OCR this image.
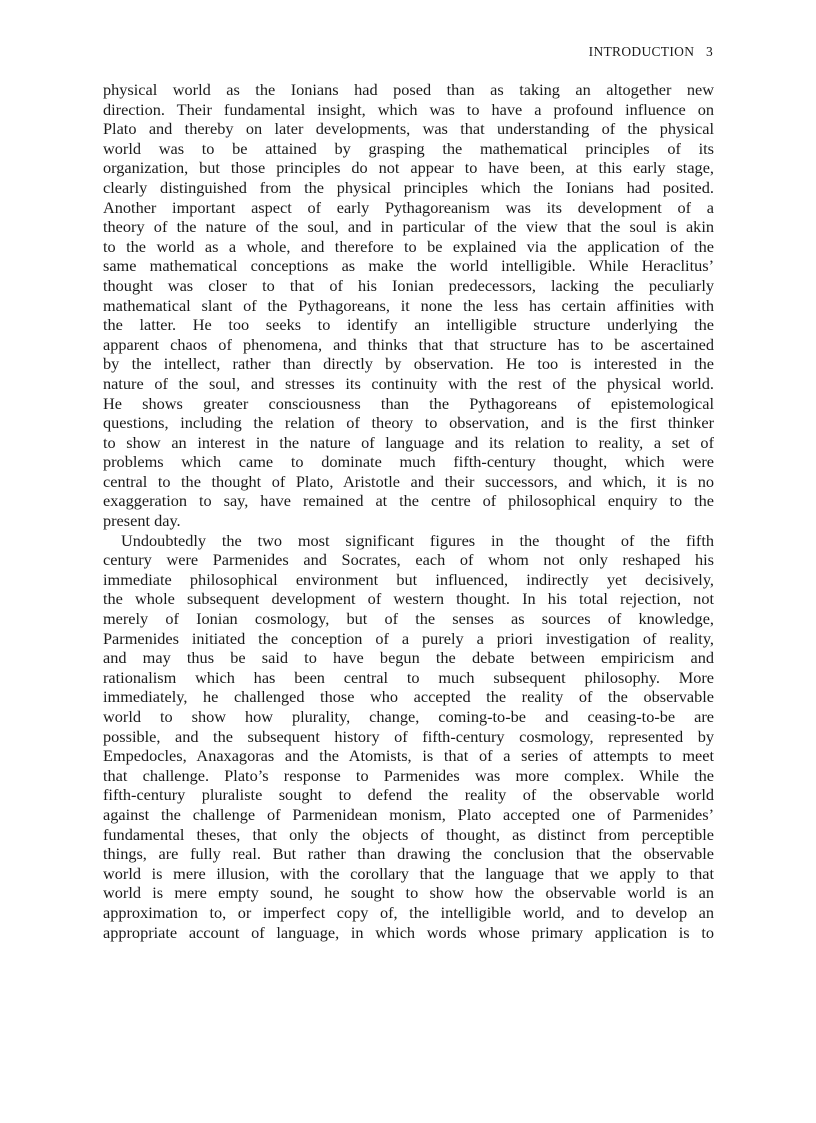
INTRODUCTION 3
physical world as the Ionians had posed than as taking an altogether new
direction. Their fundamental insight, which was to have a profound influence on
Plato and thereby on later developments, was that understanding of the physical
world was to be attained by grasping the mathematical principles of its
organization, but those principles do not appear to have been, at this early stage,
clearly distinguished from the physical principles which the Ionians had posited.
Another important aspect of early Pythagoreanism was its development of a
theory of the nature of the soul, and in particular of the view that the soul is akin
to the world as a whole, and therefore to be explained via the application of the
same mathematical conceptions as make the world intelligible. While Heraclitus’
thought was closer to that of his Ionian predecessors, lacking the peculiarly
mathematical slant of the Pythagoreans, it none the less has certain affinities with
the latter. He too seeks to identify an intelligible structure underlying the
apparent chaos of phenomena, and thinks that that structure has to be ascertained
by the intellect, rather than directly by observation. He too is interested in the
nature of the soul, and stresses its continuity with the rest of the physical world.
He shows greater consciousness than the Pythagoreans of epistemological
questions, including the relation of theory to observation, and is the first thinker
to show an interest in the nature of language and its relation to reality, a set of
problems which came to dominate much fifth-century thought, which were
central to the thought of Plato, Aristotle and their successors, and which, it is no
exaggeration to say, have remained at the centre of philosophical enquiry to the
present day.
Undoubtedly the two most significant figures in the thought of the fifth
century were Parmenides and Socrates, each of whom not only reshaped his
immediate philosophical environment but influenced, indirectly yet decisively,
the whole subsequent development of western thought. In his total rejection, not
merely of Ionian cosmology, but of the senses as sources of knowledge,
Parmenides initiated the conception of a purely a priori investigation of reality,
and may thus be said to have begun the debate between empiricism and
rationalism which has been central to much subsequent philosophy. More
immediately, he challenged those who accepted the reality of the observable
world to show how plurality, change, coming-to-be and ceasing-to-be are
possible, and the subsequent history of fifth-century cosmology, represented by
Empedocles, Anaxagoras and the Atomists, is that of a series of attempts to meet
that challenge. Plato’s response to Parmenides was more complex. While the
fifth-century pluraliste sought to defend the reality of the observable world
against the challenge of Parmenidean monism, Plato accepted one of Parmenides’
fundamental theses, that only the objects of thought, as distinct from perceptible
things, are fully real. But rather than drawing the conclusion that the observable
world is mere illusion, with the corollary that the language that we apply to that
world is mere empty sound, he sought to show how the observable world is an
approximation to, or imperfect copy of, the intelligible world, and to develop an
appropriate account of language, in which words whose primary application is to
